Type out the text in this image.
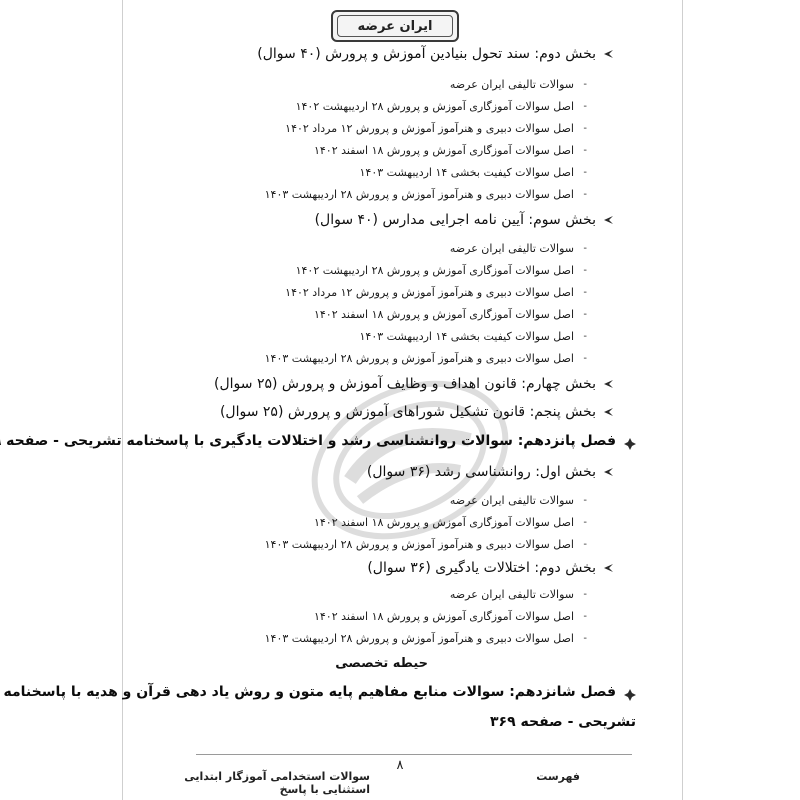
ایران عرضه
بخش دوم: سند تحول بنیادین آموزش و پرورش (۴۰ سوال)
-
سوالات تالیفی ایران عرضه
-
اصل سوالات آموزگاری آموزش و پرورش ۲۸ اردیبهشت ۱۴۰۲
-
اصل سوالات دبیری و هنرآموز آموزش و پرورش ۱۲ مرداد ۱۴۰۲
-
اصل سوالات آموزگاری آموزش و پرورش ۱۸ اسفند ۱۴۰۲
-
اصل سوالات کیفیت بخشی ۱۴ اردیبهشت ۱۴۰۳
-
اصل سوالات دبیری و هنرآموز آموزش و پرورش ۲۸ اردیبهشت ۱۴۰۳
بخش سوم: آیین نامه اجرایی مدارس (۴۰ سوال)
-
سوالات تالیفی ایران عرضه
-
اصل سوالات آموزگاری آموزش و پرورش ۲۸ اردیبهشت ۱۴۰۲
-
اصل سوالات دبیری و هنرآموز آموزش و پرورش ۱۲ مرداد ۱۴۰۲
-
اصل سوالات آموزگاری آموزش و پرورش ۱۸ اسفند ۱۴۰۲
-
اصل سوالات کیفیت بخشی ۱۴ اردیبهشت ۱۴۰۳
-
اصل سوالات دبیری و هنرآموز آموزش و پرورش ۲۸ اردیبهشت ۱۴۰۳
بخش چهارم: قانون اهداف و وظایف آموزش و پرورش (۲۵ سوال)
بخش پنجم: قانون تشکیل شوراهای آموزش و پرورش (۲۵ سوال)
فصل پانزدهم: سوالات روانشناسی رشد و اختلالات یادگیری با پاسخنامه تشریحی - صفحه
بخش اول: روانشناسی رشد (۳۶ سوال)
-
سوالات تالیفی ایران عرضه
-
اصل سوالات آموزگاری آموزش و پرورش ۱۸ اسفند ۱۴۰۲
-
اصل سوالات دبیری و هنرآموز آموزش و پرورش ۲۸ اردیبهشت ۱۴۰۳
بخش دوم: اختلالات یادگیری (۳۶ سوال)
-
سوالات تالیفی ایران عرضه
-
اصل سوالات آموزگاری آموزش و پرورش ۱۸ اسفند ۱۴۰۲
-
اصل سوالات دبیری و هنرآموز آموزش و پرورش ۲۸ اردیبهشت ۱۴۰۳
حیطه تخصصی
فصل شانزدهم: سوالات منابع مفاهیم پایه متون و روش یاد دهی قرآن و هدیه با پاسخنامه
تشریحی - صفحه ۳۶۹
۸
فهرست
سوالات استخدامی آموزگار ابتدایی استثنایی با پاسخ
